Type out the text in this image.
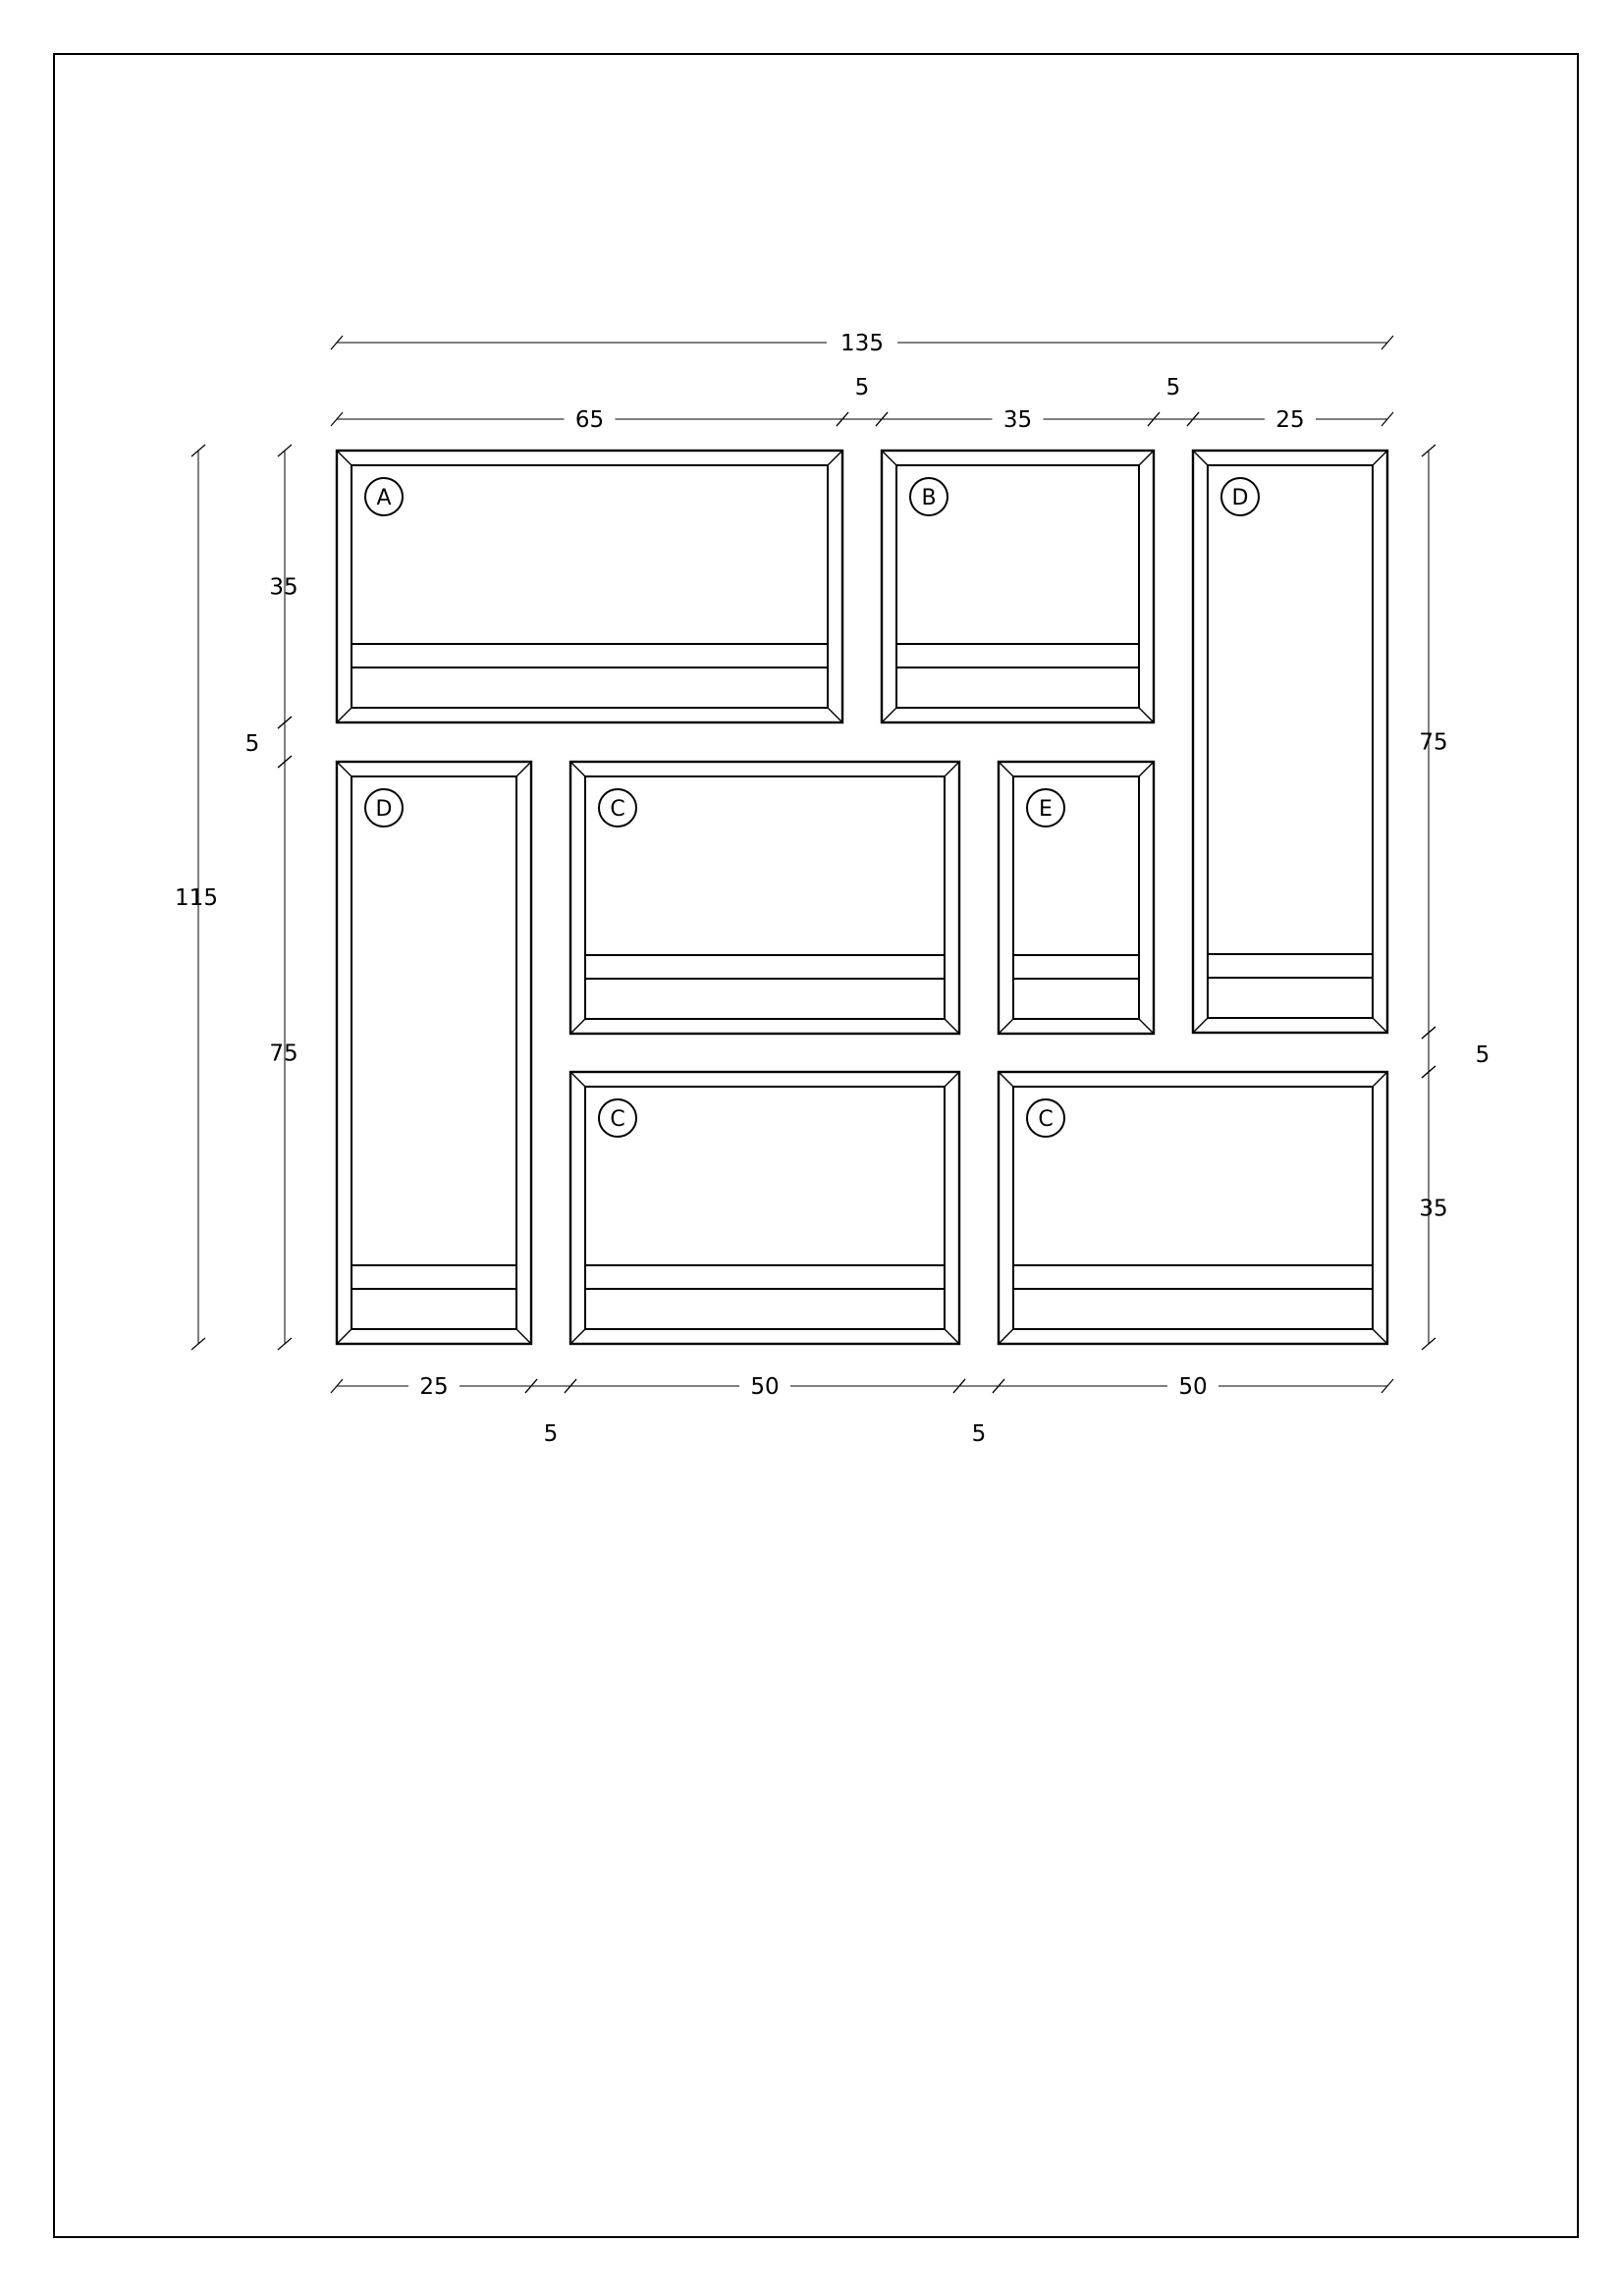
A	B	D
D	C	E
C	C
135
65
5
35
5
25
25
5
50
5
50
115
35
5
75
75
5
35
